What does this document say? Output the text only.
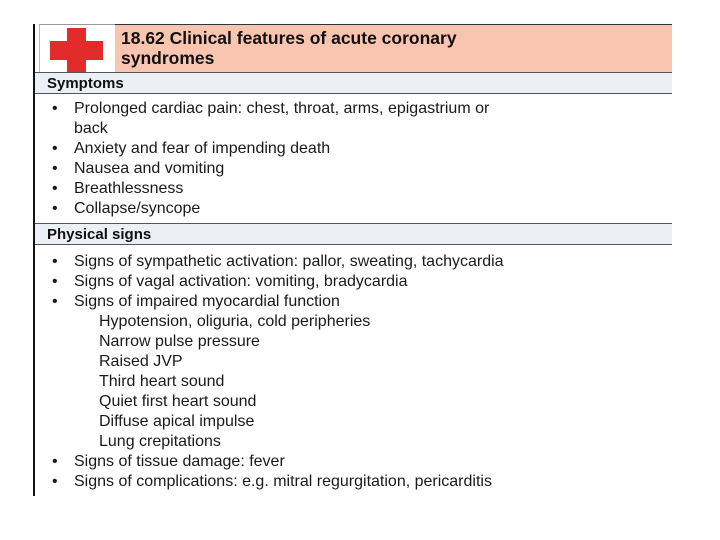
18.62 Clinical features of acute coronary
syndromes
Symptoms
• Prolonged cardiac pain: chest, throat, arms, epigastrium or
back
• Anxiety and fear of impending death
• Nausea and vomiting
• Breathlessness
• Collapse/syncope
Physical signs
• Signs of sympathetic activation: pallor, sweating, tachycardia
• Signs of vagal activation: vomiting, bradycardia
• Signs of impaired myocardial function
Hypotension, oliguria, cold peripheries
Narrow pulse pressure
Raised JVP
Third heart sound
Quiet first heart sound
Diffuse apical impulse
Lung crepitations
• Signs of tissue damage: fever
• Signs of complications: e.g. mitral regurgitation, pericarditis
